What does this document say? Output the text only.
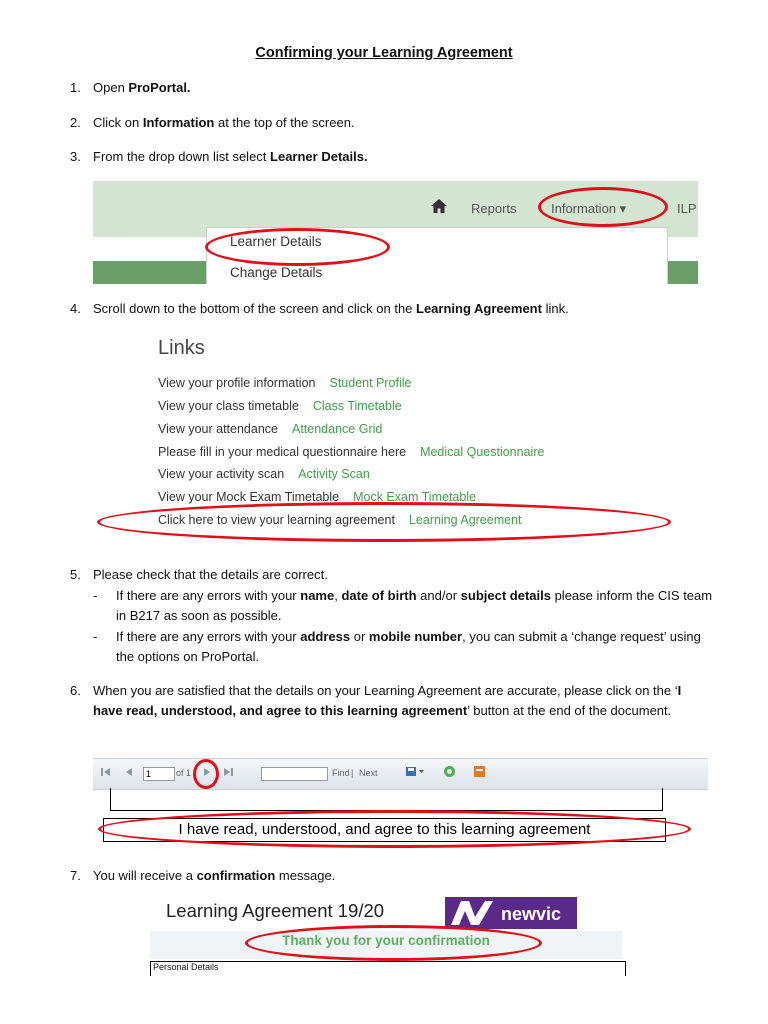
Confirming your Learning Agreement
1. Open ProPortal.
2. Click on Information at the top of the screen.
3. From the drop down list select Learner Details.
Reports	Information ▾	ILP
Learner Details
Change Details
4. Scroll down to the bottom of the screen and click on the Learning Agreement link.
Links
View your profile information Student Profile
View your class timetable Class Timetable
View your attendance Attendance Grid
Please fill in your medical questionnaire here Medical Questionnaire
View your activity scan Activity Scan
View your Mock Exam Timetable Mock Exam Timetable
Click here to view your learning agreement Learning Agreement
5. Please check that the details are correct.
-	If there are any errors with your name, date of birth and/or subject details please inform the CIS team in B217 as soon as possible.
-	If there are any errors with your address or mobile number, you can submit a ‘change request’ using the options on ProPortal.
6. When you are satisfied that the details on your Learning Agreement are accurate, please click on the ‘I have read, understood, and agree to this learning agreement’ button at the end of the document.
1	of 1	Find | Next
I have read, understood, and agree to this learning agreement
7. You will receive a confirmation message.
Learning Agreement 19/20	newvic
Thank you for your confirmation
Personal Details
